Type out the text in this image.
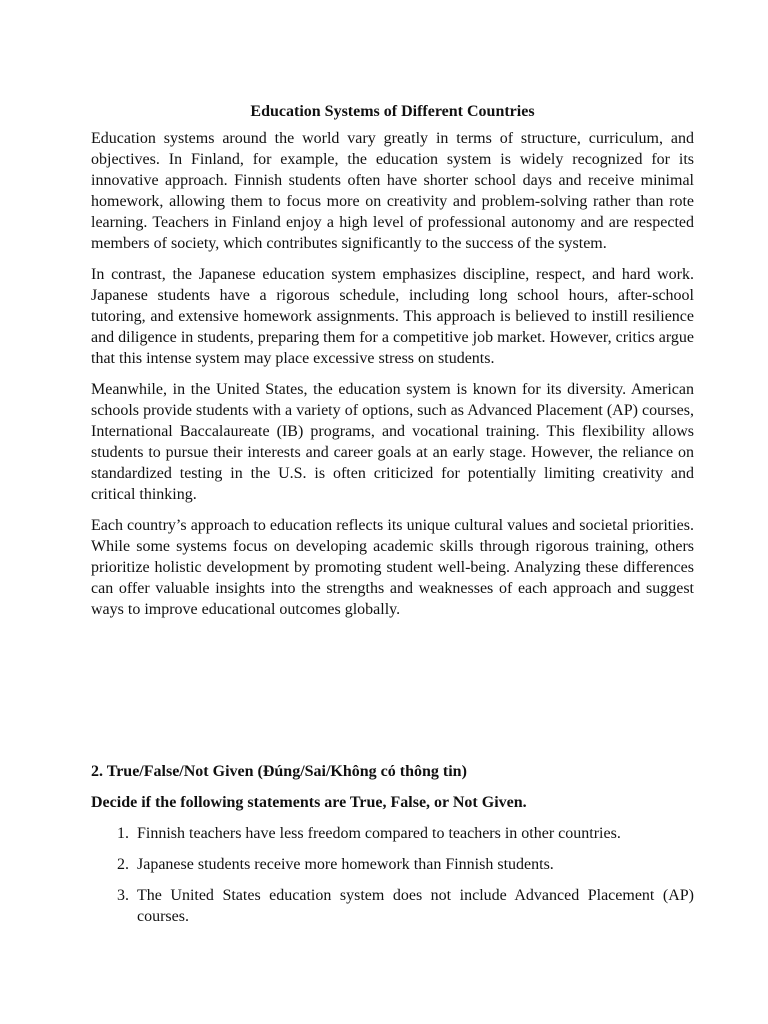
Education Systems of Different Countries

Education systems around the world vary greatly in terms of structure, curriculum, and objectives. In Finland, for example, the education system is widely recognized for its innovative approach. Finnish students often have shorter school days and receive minimal homework, allowing them to focus more on creativity and problem-solving rather than rote learning. Teachers in Finland enjoy a high level of professional autonomy and are respected members of society, which contributes significantly to the success of the system.

In contrast, the Japanese education system emphasizes discipline, respect, and hard work. Japanese students have a rigorous schedule, including long school hours, after-school tutoring, and extensive homework assignments. This approach is believed to instill resilience and diligence in students, preparing them for a competitive job market. However, critics argue that this intense system may place excessive stress on students.

Meanwhile, in the United States, the education system is known for its diversity. American schools provide students with a variety of options, such as Advanced Placement (AP) courses, International Baccalaureate (IB) programs, and vocational training. This flexibility allows students to pursue their interests and career goals at an early stage. However, the reliance on standardized testing in the U.S. is often criticized for potentially limiting creativity and critical thinking.

Each country’s approach to education reflects its unique cultural values and societal priorities. While some systems focus on developing academic skills through rigorous training, others prioritize holistic development by promoting student well-being. Analyzing these differences can offer valuable insights into the strengths and weaknesses of each approach and suggest ways to improve educational outcomes globally.

2. True/False/Not Given (Đúng/Sai/Không có thông tin)
Decide if the following statements are True, False, or Not Given.
1. Finnish teachers have less freedom compared to teachers in other countries.
2. Japanese students receive more homework than Finnish students.
3. The United States education system does not include Advanced Placement (AP) courses.
